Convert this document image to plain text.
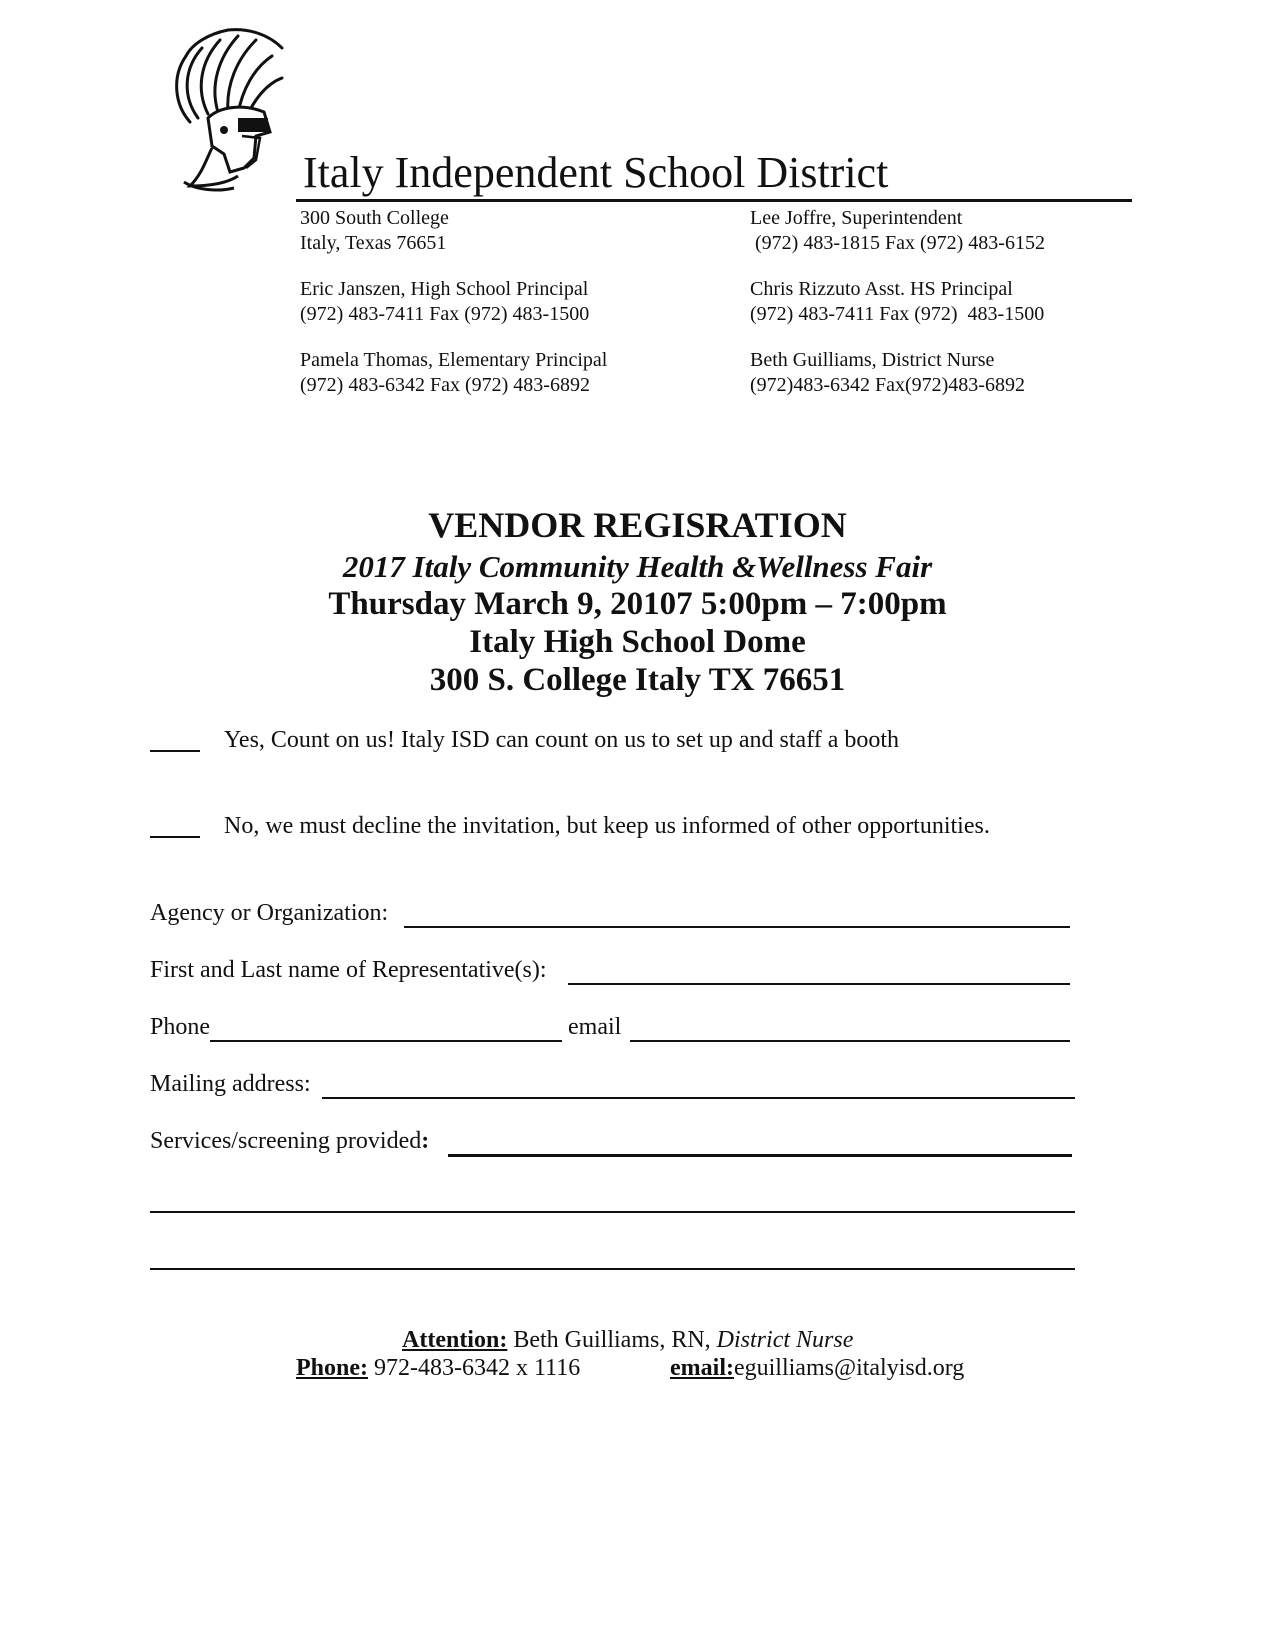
Italy Independent School District
300 South College
Italy, Texas 76651
Eric Janszen, High School Principal
(972) 483-7411 Fax (972) 483-1500
Pamela Thomas, Elementary Principal
(972) 483-6342 Fax (972) 483-6892
Lee Joffre, Superintendent
(972) 483-1815 Fax (972) 483-6152
Chris Rizzuto Asst. HS Principal
(972) 483-7411 Fax (972)  483-1500
Beth Guilliams, District Nurse
(972)483-6342 Fax(972)483-6892
VENDOR REGISRATION
2017 Italy Community Health &Wellness Fair
Thursday March 9, 20107 5:00pm – 7:00pm
Italy High School Dome
300 S. College Italy TX 76651
Yes, Count on us! Italy ISD can count on us to set up and staff a booth
No, we must decline the invitation, but keep us informed of other opportunities.
Agency or Organization:
First and Last name of Representative(s):
Phone	email
Mailing address:
Services/screening provided:
Attention: Beth Guilliams, RN, District Nurse
Phone: 972-483-6342 x 1116	email:eguilliams@italyisd.org
